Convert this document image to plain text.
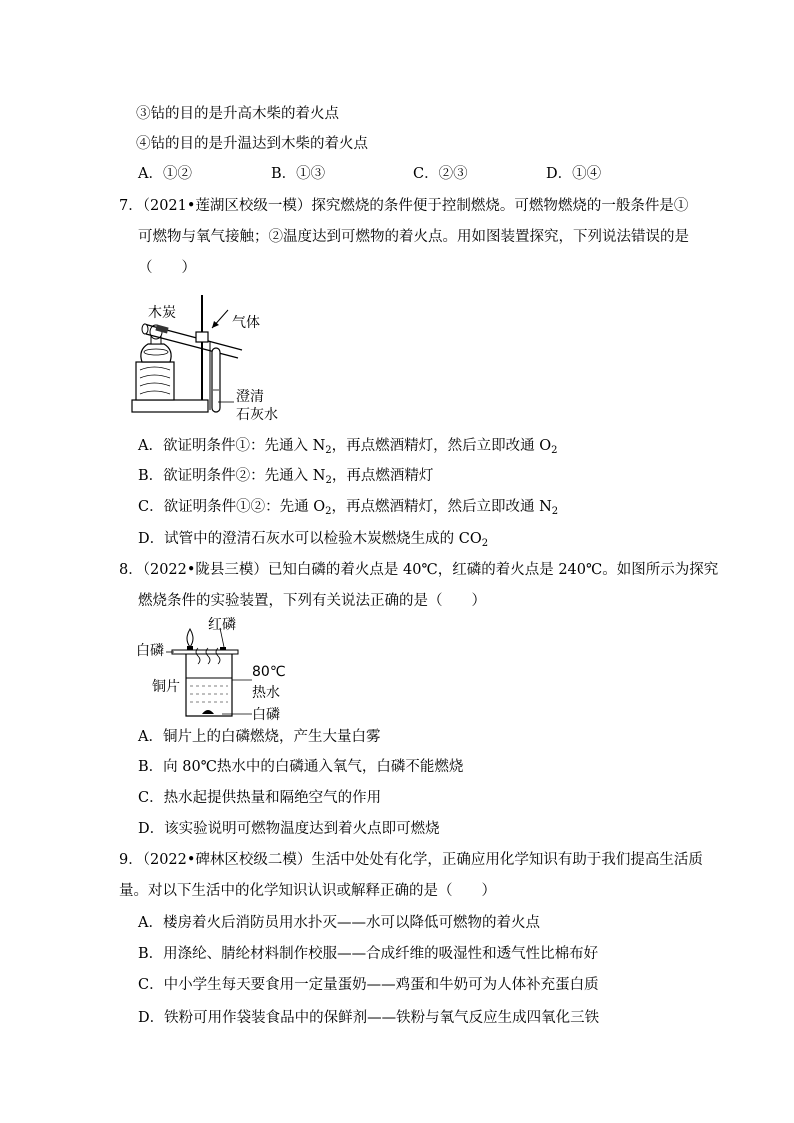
③钻的目的是升高木柴的着火点
④钻的目的是升温达到木柴的着火点
A．①②	B．①③	C．②③	D．①④
7．（2021•莲湖区校级一模）探究燃烧的条件便于控制燃烧。可燃物燃烧的一般条件是①
可燃物与氧气接触；②温度达到可燃物的着火点。用如图装置探究，下列说法错误的是
（　　）
木炭
气体
澄清
石灰水
A．欲证明条件①：先通入 $N_2$，再点燃酒精灯，然后立即改通 $O_2$
B．欲证明条件②：先通入 $N_2$，再点燃酒精灯
C．欲证明条件①②：先通 $O_2$，再点燃酒精灯，然后立即改通 $N_2$
D．试管中的澄清石灰水可以检验木炭燃烧生成的 $CO_2$
8．（2022•陇县三模）已知白磷的着火点是 40℃，红磷的着火点是 240℃。如图所示为探究
燃烧条件的实验装置，下列有关说法正确的是（　　）
红磷
白磷
铜片
80℃
热水
白磷
A．铜片上的白磷燃烧，产生大量白雾
B．向 80℃热水中的白磷通入氧气，白磷不能燃烧
C．热水起提供热量和隔绝空气的作用
D．该实验说明可燃物温度达到着火点即可燃烧
9．（2022•碑林区校级二模）生活中处处有化学，正确应用化学知识有助于我们提高生活质
量。对以下生活中的化学知识认识或解释正确的是（　　）
A．楼房着火后消防员用水扑灭——水可以降低可燃物的着火点
B．用涤纶、腈纶材料制作校服——合成纤维的吸湿性和透气性比棉布好
C．中小学生每天要食用一定量蛋奶——鸡蛋和牛奶可为人体补充蛋白质
D．铁粉可用作袋装食品中的保鲜剂——铁粉与氧气反应生成四氧化三铁
